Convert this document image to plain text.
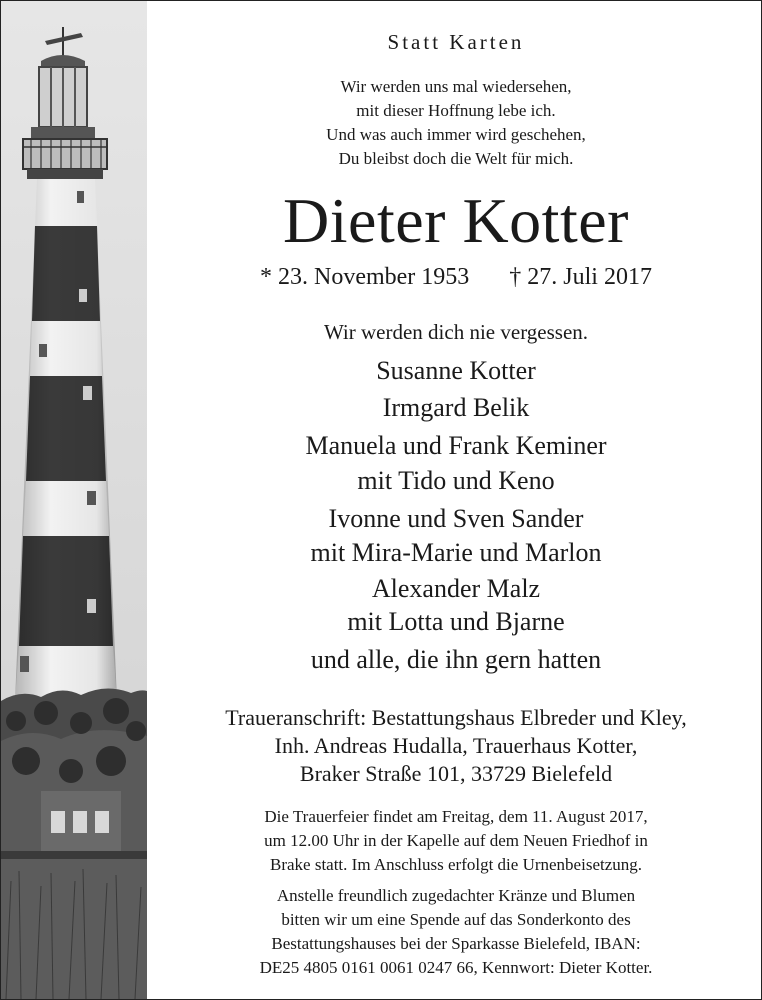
Statt Karten
Wir werden uns mal wiedersehen,
mit dieser Hoffnung lebe ich.
Und was auch immer wird geschehen,
Du bleibst doch die Welt für mich.
Dieter Kotter
* 23. November 1953 † 27. Juli 2017
Wir werden dich nie vergessen.
Susanne Kotter
Irmgard Belik
Manuela und Frank Keminer
mit Tido und Keno
Ivonne und Sven Sander
mit Mira-Marie und Marlon
Alexander Malz
mit Lotta und Bjarne
und alle, die ihn gern hatten
Traueranschrift: Bestattungshaus Elbreder und Kley,
Inh. Andreas Hudalla, Trauerhaus Kotter,
Braker Straße 101, 33729 Bielefeld
Die Trauerfeier findet am Freitag, dem 11. August 2017,
um 12.00 Uhr in der Kapelle auf dem Neuen Friedhof in
Brake statt. Im Anschluss erfolgt die Urnenbeisetzung.
Anstelle freundlich zugedachter Kränze und Blumen
bitten wir um eine Spende auf das Sonderkonto des
Bestattungshauses bei der Sparkasse Bielefeld, IBAN:
DE25 4805 0161 0061 0247 66, Kennwort: Dieter Kotter.
